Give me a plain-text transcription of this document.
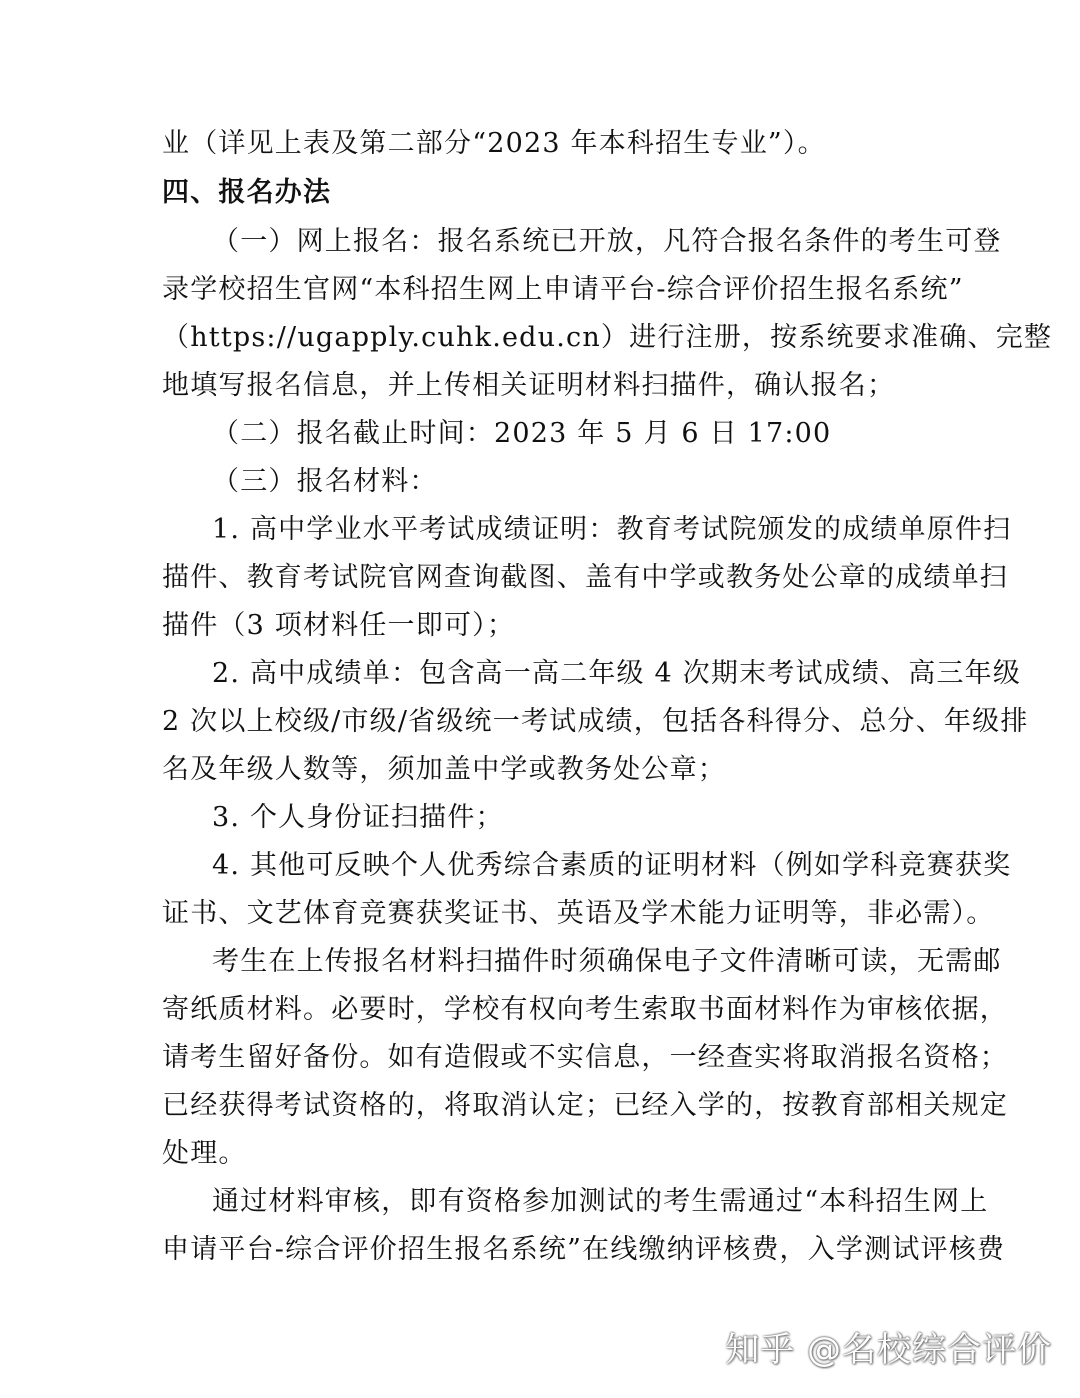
业（详见上表及第二部分“2023 年本科招生专业”）。
四、报名办法
（一）网上报名：报名系统已开放，凡符合报名条件的考生可登
录学校招生官网“本科招生网上申请平台-综合评价招生报名系统”
（https://ugapply.cuhk.edu.cn）进行注册，按系统要求准确、完整
地填写报名信息，并上传相关证明材料扫描件，确认报名；
（二）报名截止时间：2023 年 5 月 6 日 17:00
（三）报名材料：
1. 高中学业水平考试成绩证明：教育考试院颁发的成绩单原件扫
描件、教育考试院官网查询截图、盖有中学或教务处公章的成绩单扫
描件（3 项材料任一即可）；
2. 高中成绩单：包含高一高二年级 4 次期末考试成绩、高三年级
2 次以上校级/市级/省级统一考试成绩，包括各科得分、总分、年级排
名及年级人数等，须加盖中学或教务处公章；
3. 个人身份证扫描件；
4. 其他可反映个人优秀综合素质的证明材料（例如学科竞赛获奖
证书、文艺体育竞赛获奖证书、英语及学术能力证明等，非必需）。
考生在上传报名材料扫描件时须确保电子文件清晰可读，无需邮
寄纸质材料。必要时，学校有权向考生索取书面材料作为审核依据，
请考生留好备份。如有造假或不实信息，一经查实将取消报名资格；
已经获得考试资格的，将取消认定；已经入学的，按教育部相关规定
处理。
通过材料审核，即有资格参加测试的考生需通过“本科招生网上
申请平台-综合评价招生报名系统”在线缴纳评核费，入学测试评核费
知乎 @名校综合评价
